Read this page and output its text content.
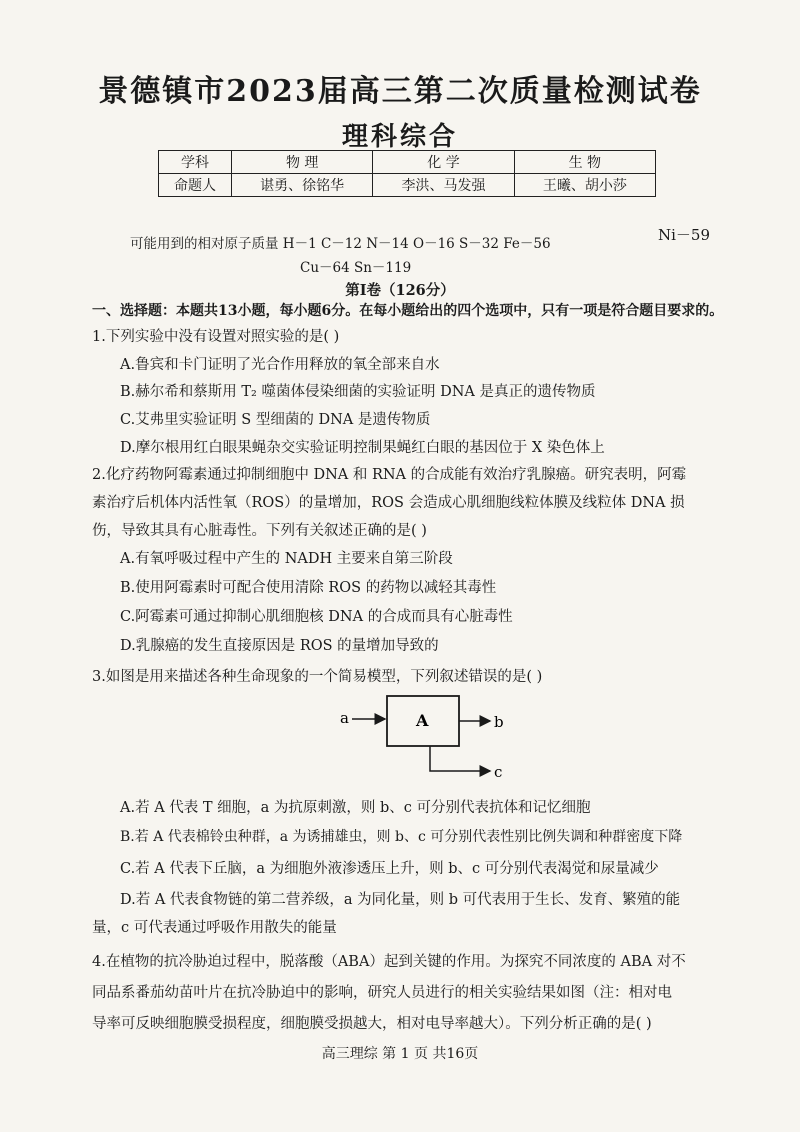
景德镇市2023届高三第二次质量检测试卷
理科综合
学科	物 理	化 学	生 物
命题人	谌勇、徐铭华	李洪、马发强	王曦、胡小莎
可能用到的相对原子质量 H－1 C－12 N－14 O－16 S－32 Fe－56	Ni－59
Cu－64 Sn－119
第Ⅰ卷（126分）
一、选择题：本题共13小题，每小题6分。在每小题给出的四个选项中，只有一项是符合题目要求的。
1.下列实验中没有设置对照实验的是( )
A.鲁宾和卡门证明了光合作用释放的氧全部来自水
B.赫尔希和蔡斯用 T₂ 噬菌体侵染细菌的实验证明 DNA 是真正的遗传物质
C.艾弗里实验证明 S 型细菌的 DNA 是遗传物质
D.摩尔根用红白眼果蝇杂交实验证明控制果蝇红白眼的基因位于 X 染色体上
2.化疗药物阿霉素通过抑制细胞中 DNA 和 RNA 的合成能有效治疗乳腺癌。研究表明，阿霉
素治疗后机体内活性氧（ROS）的量增加，ROS 会造成心肌细胞线粒体膜及线粒体 DNA 损
伤，导致其具有心脏毒性。下列有关叙述正确的是( )
A.有氧呼吸过程中产生的 NADH 主要来自第三阶段
B.使用阿霉素时可配合使用清除 ROS 的药物以减轻其毒性
C.阿霉素可通过抑制心肌细胞核 DNA 的合成而具有心脏毒性
D.乳腺癌的发生直接原因是 ROS 的量增加导致的
3.如图是用来描述各种生命现象的一个简易模型，下列叙述错误的是( )
a	A	b
c
A.若 A 代表 T 细胞，a 为抗原刺激，则 b、c 可分别代表抗体和记忆细胞
B.若 A 代表棉铃虫种群，a 为诱捕雄虫，则 b、c 可分别代表性别比例失调和种群密度下降
C.若 A 代表下丘脑，a 为细胞外液渗透压上升，则 b、c 可分别代表渴觉和尿量减少
D.若 A 代表食物链的第二营养级，a 为同化量，则 b 可代表用于生长、发育、繁殖的能
量，c 可代表通过呼吸作用散失的能量
4.在植物的抗冷胁迫过程中，脱落酸（ABA）起到关键的作用。为探究不同浓度的 ABA 对不
同品系番茄幼苗叶片在抗冷胁迫中的影响，研究人员进行的相关实验结果如图（注：相对电
导率可反映细胞膜受损程度，细胞膜受损越大，相对电导率越大）。下列分析正确的是( )
高三理综 第 1 页 共16页
